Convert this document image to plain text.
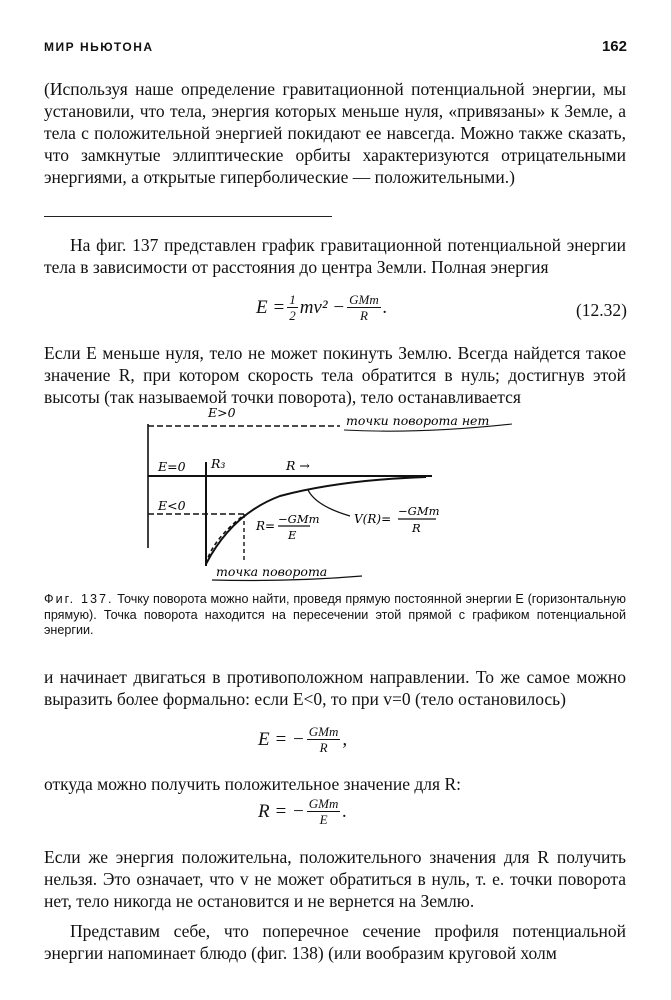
МИР НЬЮТОНА	162

(Используя наше определение гравитационной потенциальной энергии, мы установили, что тела, энергия которых меньше нуля, «привязаны» к Земле, а тела с положительной энергией покидают ее навсегда. Можно также сказать, что замкнутые эллиптические орбиты характеризуются отрицательными энергиями, а открытые гиперболические — положительными.)

На фиг. 137 представлен график гравитационной потенциальной энергии тела в зависимости от расстояния до центра Земли. Полная энергия

$E = \frac{1}{2} mv^2 - \frac{\text{GMm}}{R}$ .	(12.32)

Если E меньше нуля, тело не может покинуть Землю. Всегда найдется такое значение R, при котором скорость тела обратится в нуль; достигнув этой высоты (так называемой точки поворота), тело останавливается

E>0
точки поворота нет
E=0 R₃	R →
E<0
R= −GMm
E
V(R)=
−GMm
R
точка поворота

Фиг. 137. Точку поворота можно найти, проведя прямую постоянной энергии E (горизонтальную прямую). Точка поворота находится на пересечении этой прямой с графиком потенциальной энергии.

и начинает двигаться в противоположном направлении. То же самое можно выразить более формально: если E<0, то при v=0 (тело остановилось)

E = − $\frac{\text{GMm}}{R}$ ,

откуда можно получить положительное значение для R:

R = − $\frac{\text{GMm}}{E}$ .

Если же энергия положительна, положительного значения для R получить нельзя. Это означает, что v не может обратиться в нуль, т. е. точки поворота нет, тело никогда не остановится и не вернется на Землю.

Представим себе, что поперечное сечение профиля потенциальной энергии напоминает блюдо (фиг. 138) (или вообразим круговой холм
